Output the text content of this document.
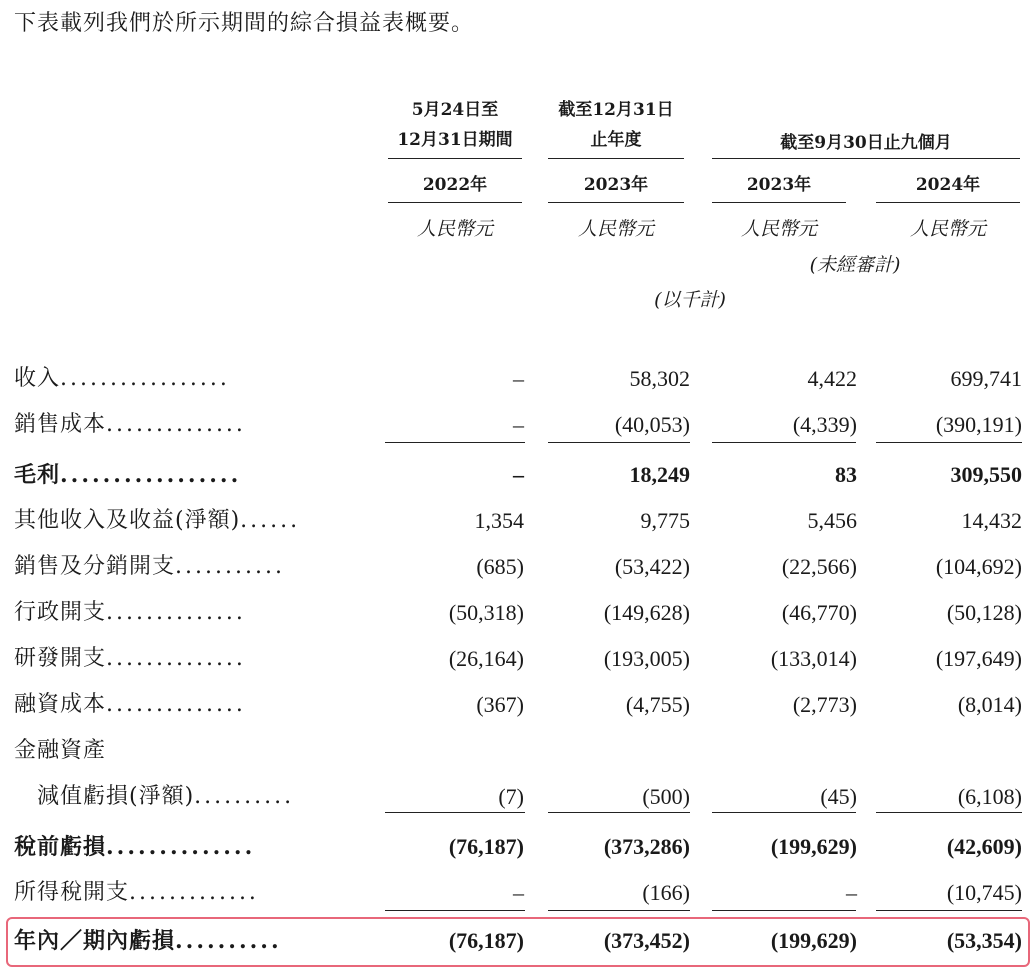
下表載列我們於所示期間的綜合損益表概要。
5月24日至
12月31日期間
截至12月31日
止年度	截至9月30日止九個月
2022年	2023年	2023年	2024年
人民幣元	人民幣元	人民幣元	人民幣元
(未經審計)
(以千計)
收入.................	–	58,302	4,422	699,741
銷售成本..............	–	(40,053)	(4,339)	(390,191)
毛利.................	–	18,249	83	309,550
其他收入及收益(淨額)......	1,354	9,775	5,456	14,432
銷售及分銷開支...........	(685)	(53,422)	(22,566)	(104,692)
行政開支..............	(50,318)	(149,628)	(46,770)	(50,128)
研發開支..............	(26,164)	(193,005)	(133,014)	(197,649)
融資成本..............	(367)	(4,755)	(2,773)	(8,014)
金融資產
　減值虧損(淨額)..........	(7)	(500)	(45)	(6,108)
稅前虧損..............	(76,187)	(373,286)	(199,629)	(42,609)
所得稅開支.............	–	(166)	–	(10,745)
年內／期內虧損..........	(76,187)	(373,452)	(199,629)	(53,354)
